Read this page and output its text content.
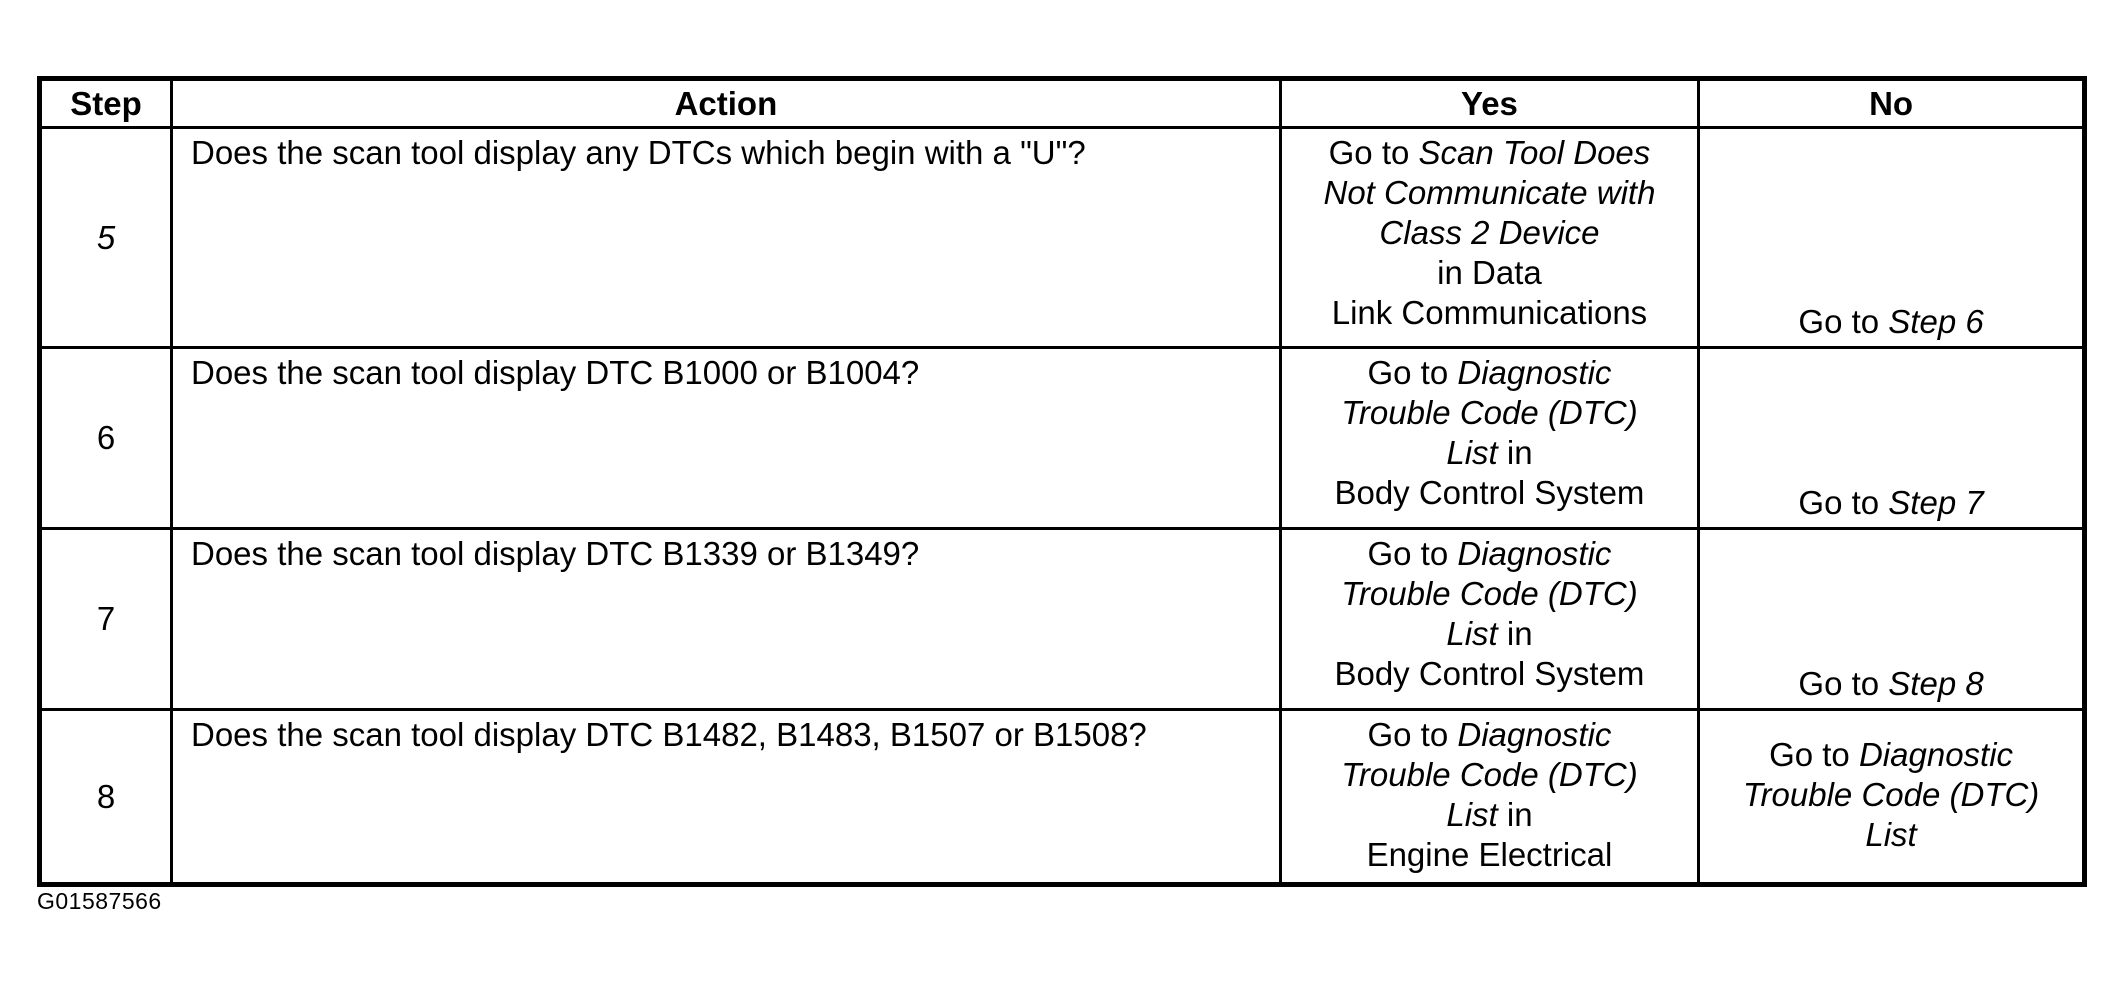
Step	Action	Yes	No
5	Does the scan tool display any DTCs which begin with a "U"?	Go to Scan Tool Does
Not Communicate with
Class 2 Device
in Data
Link Communications	Go to Step 6
6	Does the scan tool display DTC B1000 or B1004?	Go to Diagnostic
Trouble Code (DTC)
List in
Body Control System	Go to Step 7
7	Does the scan tool display DTC B1339 or B1349?	Go to Diagnostic
Trouble Code (DTC)
List in
Body Control System	Go to Step 8
8	Does the scan tool display DTC B1482, B1483, B1507 or B1508?	Go to Diagnostic
Trouble Code (DTC)
List in
Engine Electrical	Go to Diagnostic
Trouble Code (DTC)
List
G01587566
